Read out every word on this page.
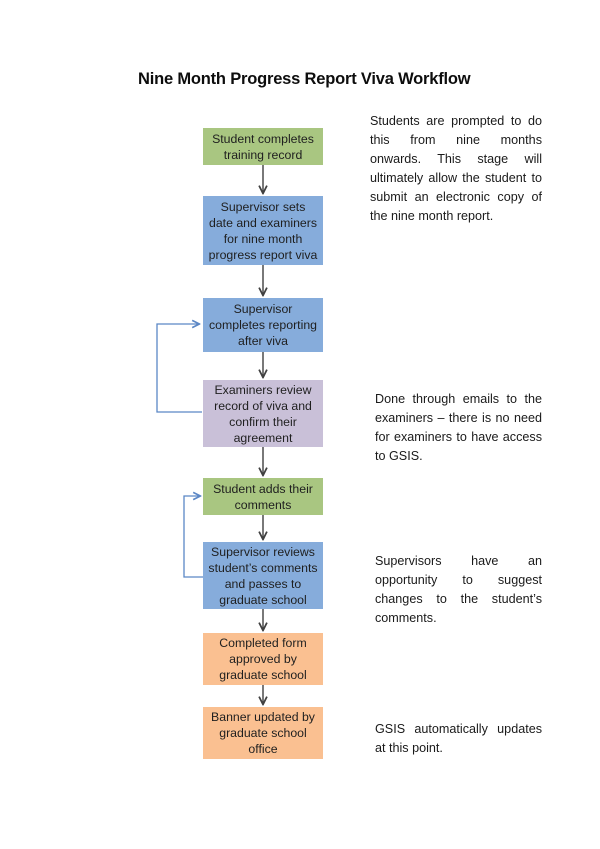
Nine Month Progress Report Viva Workflow
Student completes training record
Supervisor sets date and examiners for nine month progress report viva
Supervisor completes reporting after viva
Examiners review record of viva and confirm their agreement
Student adds their comments
Supervisor reviews student’s comments and passes to graduate school
Completed form approved by graduate school
Banner updated by graduate school office
Students are prompted to do this from nine months onwards. This stage will ultimately allow the student to submit an electronic copy of the nine month report.
Done through emails to the examiners – there is no need for examiners to have access to GSIS.
Supervisors have an opportunity to suggest changes to the student’s comments.
GSIS automatically updates at this point.
